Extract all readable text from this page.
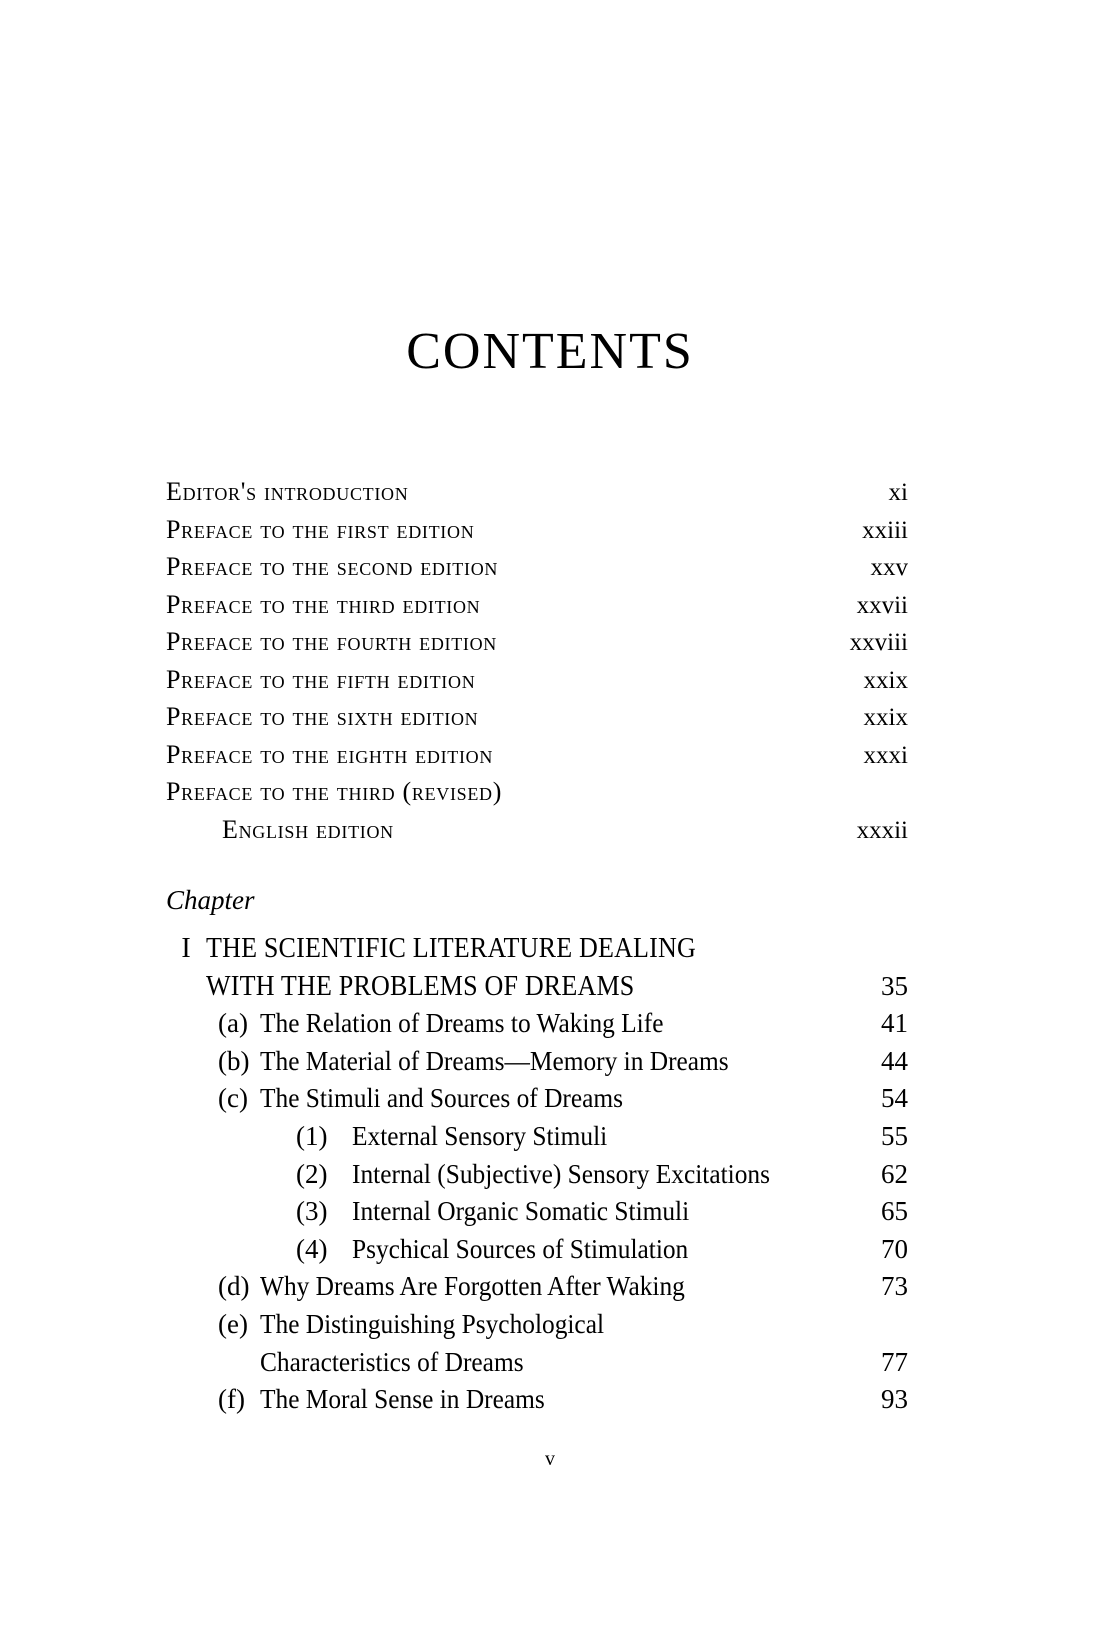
CONTENTS
Editor's introduction	xi
Preface to the first edition	xxiii
Preface to the second edition	xxv
Preface to the third edition	xxvii
Preface to the fourth edition	xxviii
Preface to the fifth edition	xxix
Preface to the sixth edition	xxix
Preface to the eighth edition	xxxi
Preface to the third (revised)
English edition	xxxii
Chapter
I THE SCIENTIFIC LITERATURE DEALING
WITH THE PROBLEMS OF DREAMS	35
(a) The Relation of Dreams to Waking Life	41
(b) The Material of Dreams—Memory in Dreams	44
(c) The Stimuli and Sources of Dreams	54
(1) External Sensory Stimuli	55
(2) Internal (Subjective) Sensory Excitations	62
(3) Internal Organic Somatic Stimuli	65
(4) Psychical Sources of Stimulation	70
(d) Why Dreams Are Forgotten After Waking	73
(e) The Distinguishing Psychological
Characteristics of Dreams	77
(f) The Moral Sense in Dreams	93
v
